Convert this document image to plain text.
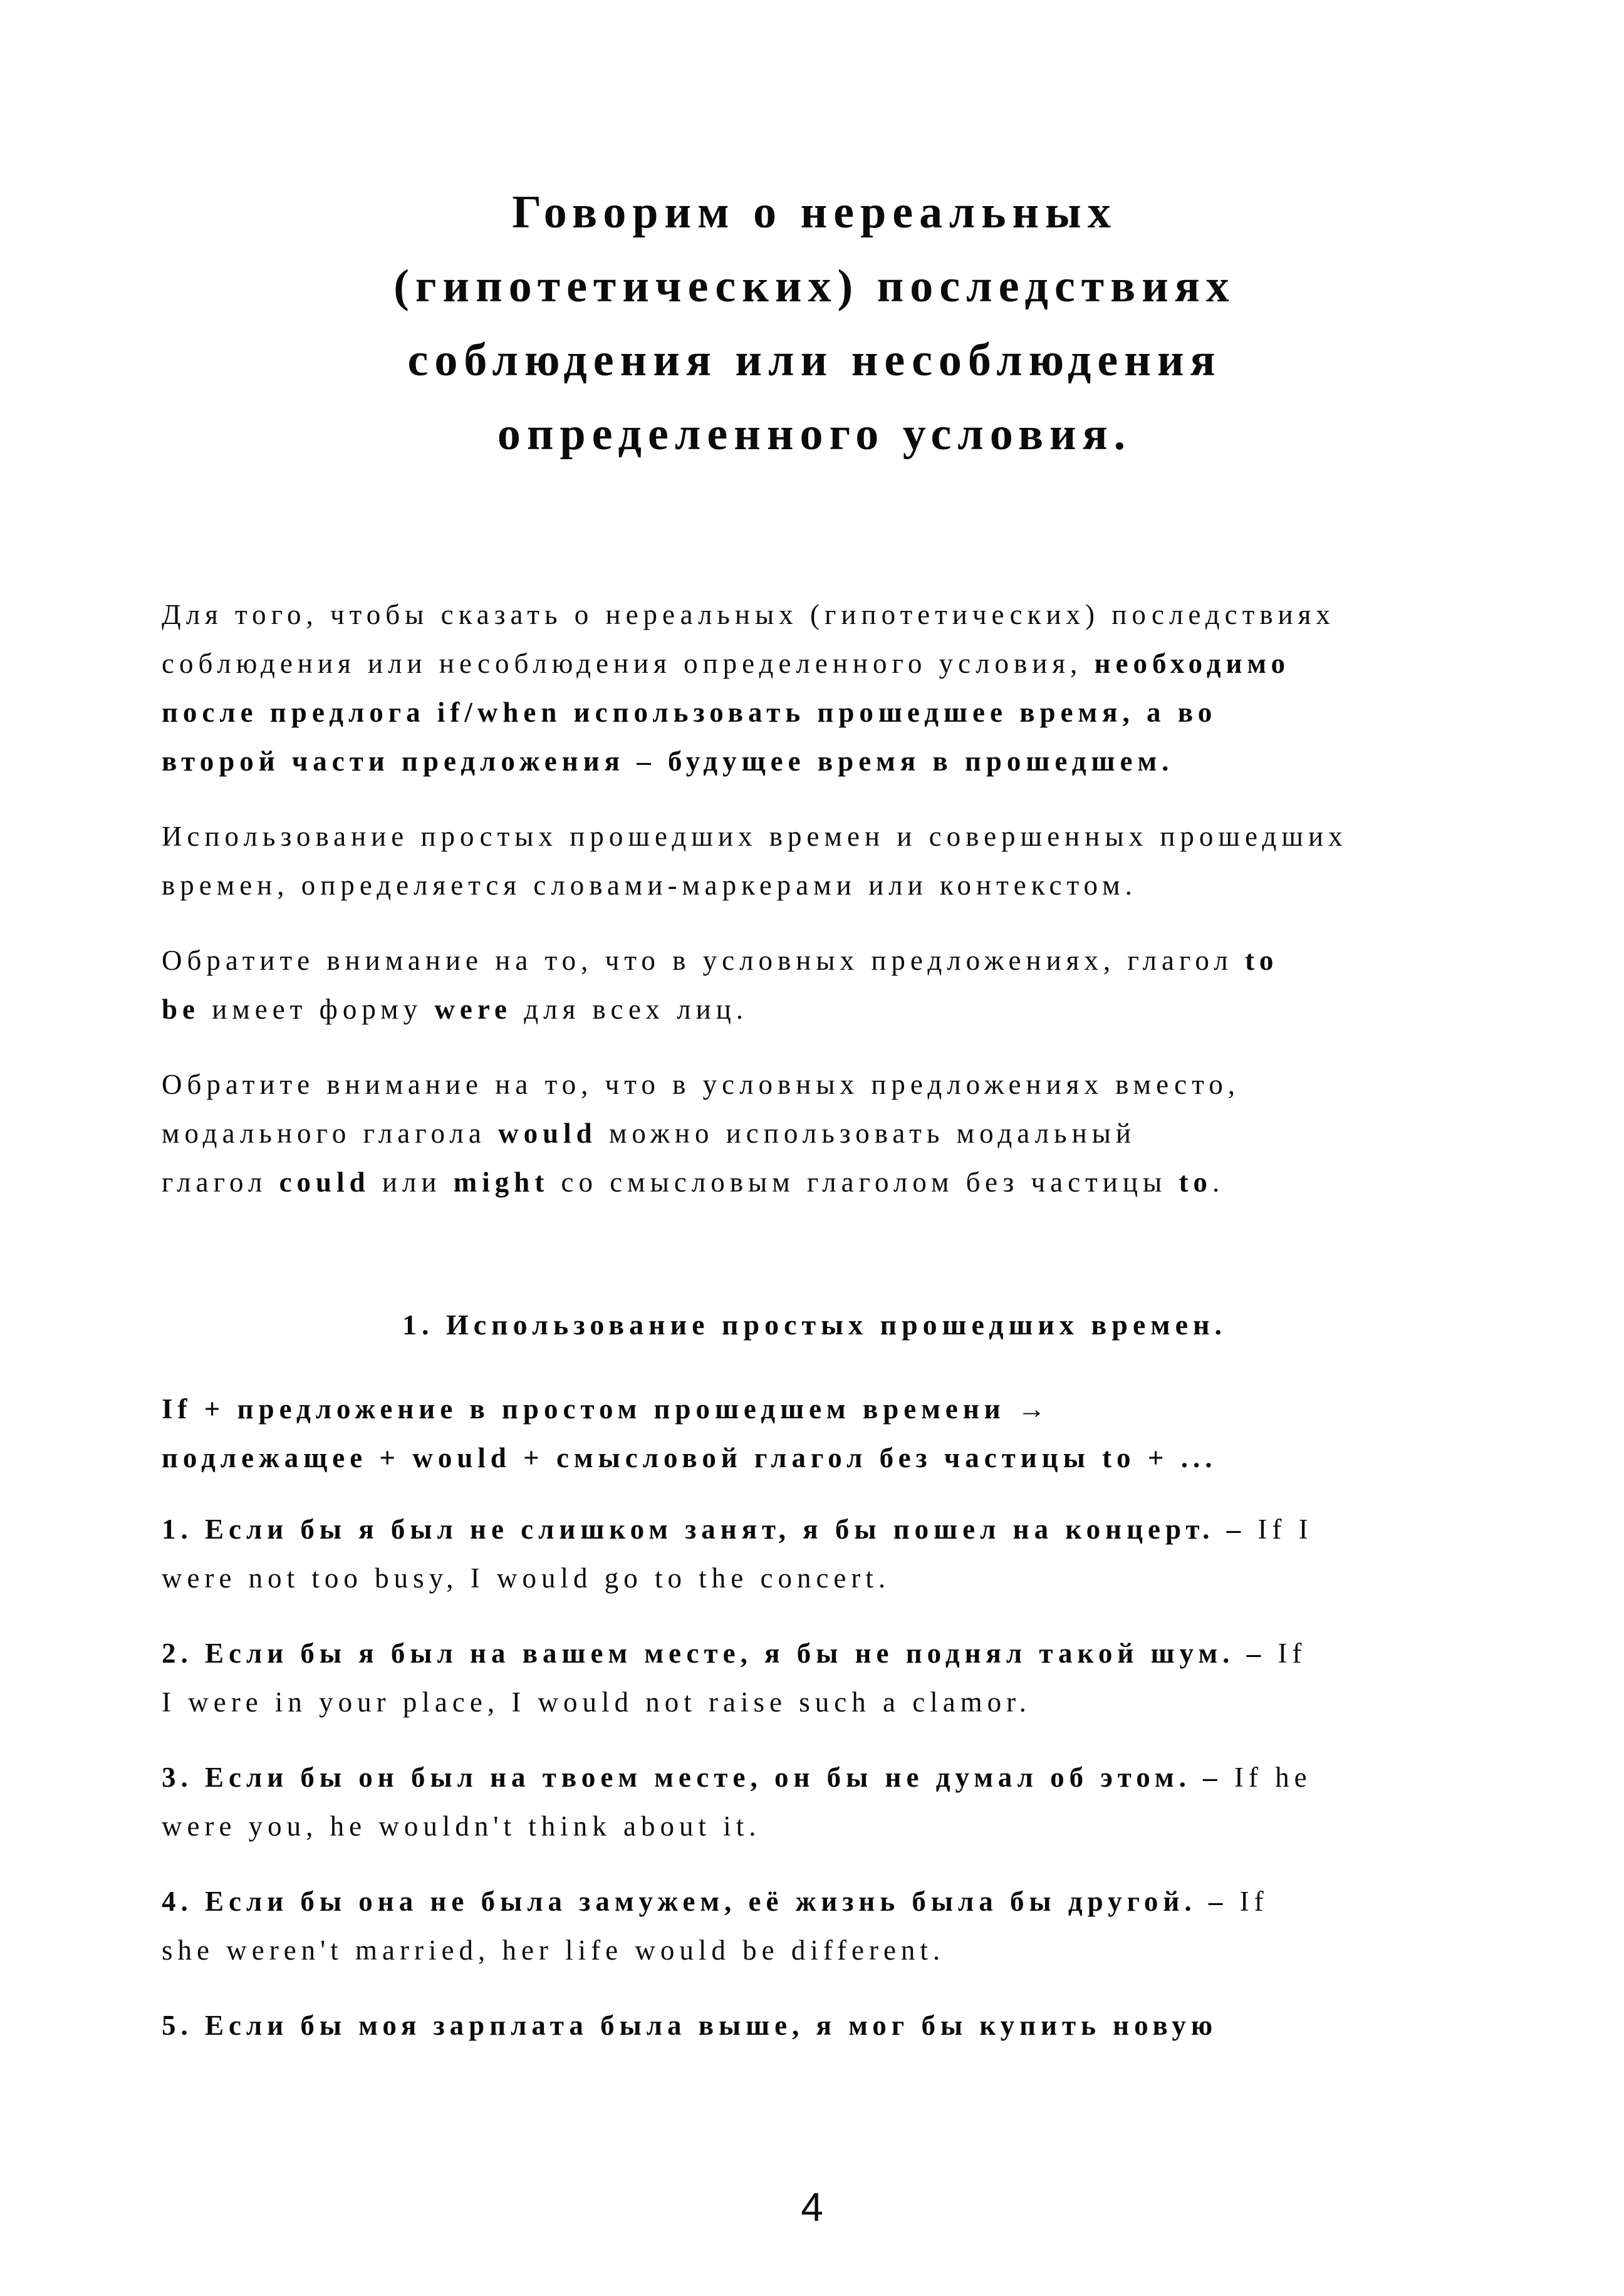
Говорим о нереальных
(гипотетических) последствиях
соблюдения или несоблюдения
определенного условия.
Для того, чтобы сказать о нереальных (гипотетических) последствиях
соблюдения или несоблюдения определенного условия, необходимо
после предлога if/when использовать прошедшее время, а во
второй части предложения – будущее время в прошедшем.
Использование простых прошедших времен и совершенных прошедших
времен, определяется словами-маркерами или контекстом.
Обратите внимание на то, что в условных предложениях, глагол to
be имеет форму were для всех лиц.
Обратите внимание на то, что в условных предложениях вместо,
модального глагола would можно использовать модальный
глагол could или might со смысловым глаголом без частицы to.
1. Использование простых прошедших времен.
If + предложение в простом прошедшем времени →
подлежащее + would + смысловой глагол без частицы to + ...
1. Если бы я был не слишком занят, я бы пошел на концерт. – If I
were not too busy, I would go to the concert.
2. Если бы я был на вашем месте, я бы не поднял такой шум. – If
I were in your place, I would not raise such a clamor.
3. Если бы он был на твоем месте, он бы не думал об этом. – If he
were you, he wouldn't think about it.
4. Если бы она не была замужем, её жизнь была бы другой. – If
she weren't married, her life would be different.
5. Если бы моя зарплата была выше, я мог бы купить новую
4
